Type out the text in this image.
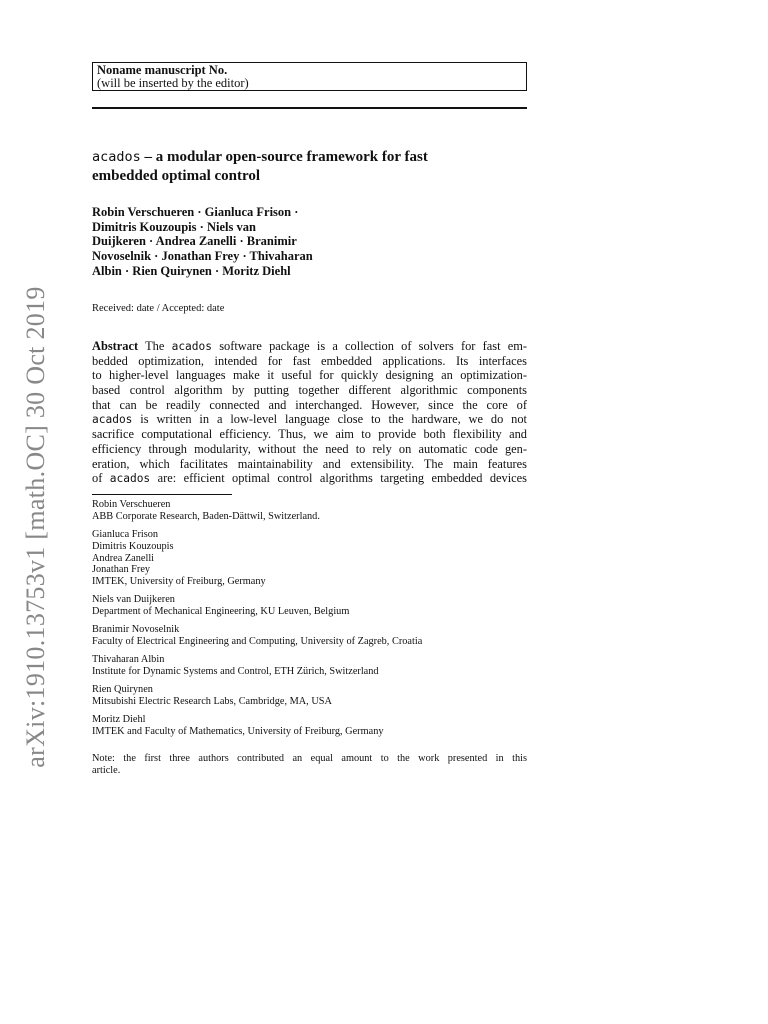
arXiv:1910.13753v1 [math.OC] 30 Oct 2019
Noname manuscript No.
(will be inserted by the editor)
acados – a modular open-source framework for fast
embedded optimal control
Robin Verschueren · Gianluca Frison ·
Dimitris Kouzoupis · Niels van
Duijkeren · Andrea Zanelli · Branimir
Novoselnik · Jonathan Frey · Thivaharan
Albin · Rien Quirynen · Moritz Diehl
Received: date / Accepted: date
Abstract The acados software package is a collection of solvers for fast em-
bedded optimization, intended for fast embedded applications. Its interfaces
to higher-level languages make it useful for quickly designing an optimization-
based control algorithm by putting together different algorithmic components
that can be readily connected and interchanged. However, since the core of
acados is written in a low-level language close to the hardware, we do not
sacrifice computational efficiency. Thus, we aim to provide both flexibility and
efficiency through modularity, without the need to rely on automatic code gen-
eration, which facilitates maintainability and extensibility. The main features
of acados are: efficient optimal control algorithms targeting embedded devices
Robin Verschueren
ABB Corporate Research, Baden-Dättwil, Switzerland.
Gianluca Frison
Dimitris Kouzoupis
Andrea Zanelli
Jonathan Frey
IMTEK, University of Freiburg, Germany
Niels van Duijkeren
Department of Mechanical Engineering, KU Leuven, Belgium
Branimir Novoselnik
Faculty of Electrical Engineering and Computing, University of Zagreb, Croatia
Thivaharan Albin
Institute for Dynamic Systems and Control, ETH Zürich, Switzerland
Rien Quirynen
Mitsubishi Electric Research Labs, Cambridge, MA, USA
Moritz Diehl
IMTEK and Faculty of Mathematics, University of Freiburg, Germany
Note: the first three authors contributed an equal amount to the work presented in this
article.
